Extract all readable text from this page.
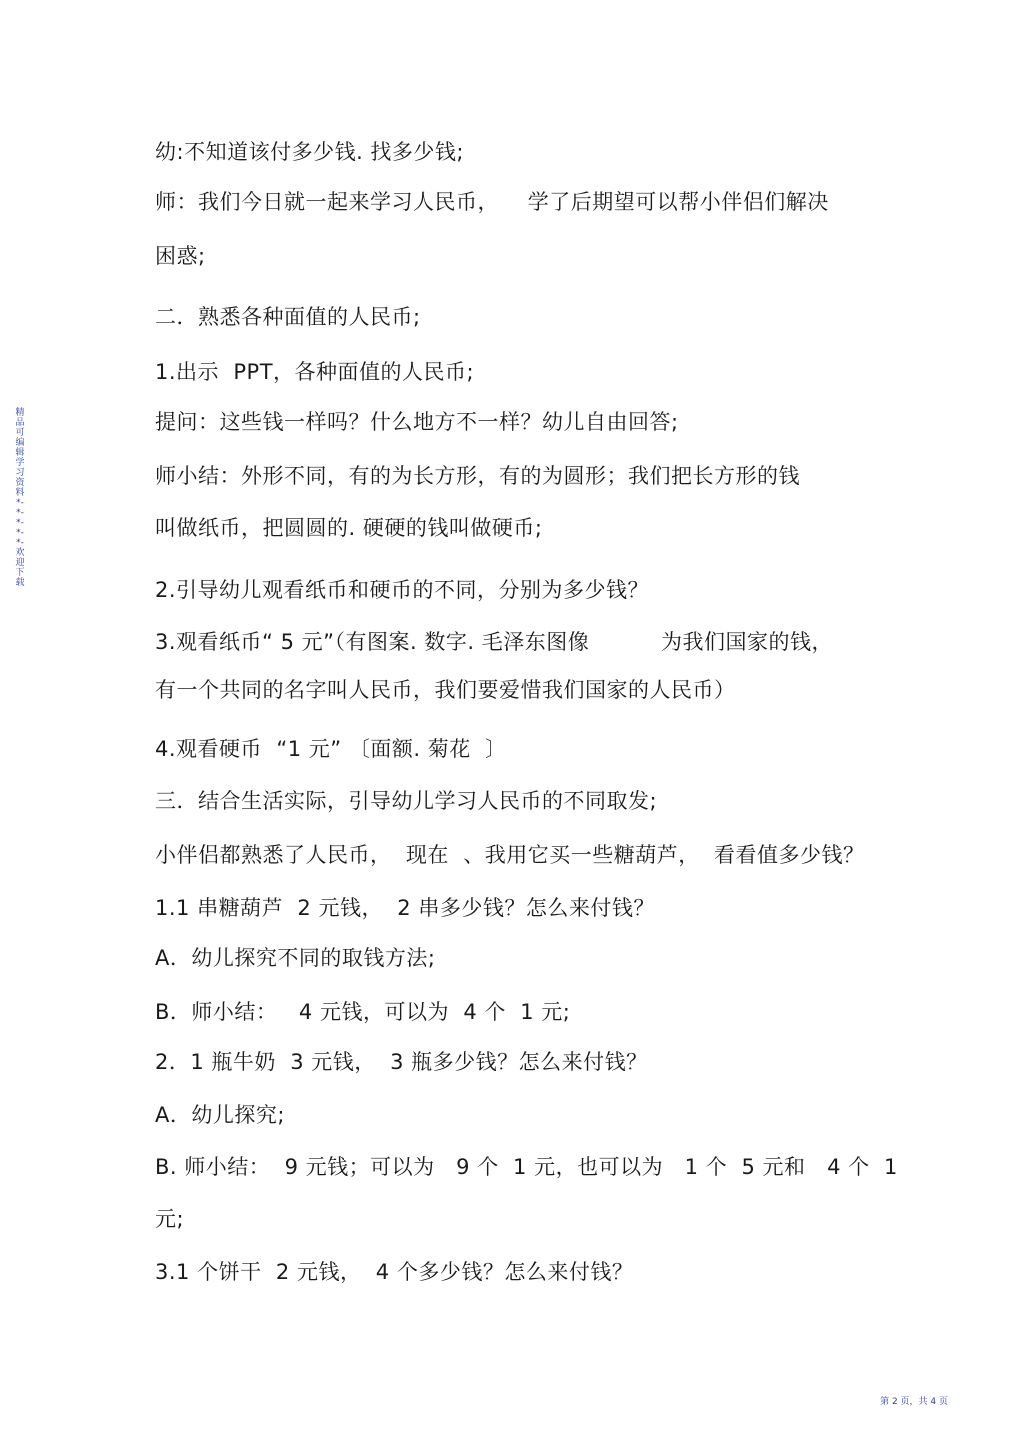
幼:不知道该付多少钱. 找多少钱;
师：我们今日就一起来学习人民币，    学了后期望可以帮小伴侣们解决
困惑;
二．熟悉各种面值的人民币;
1.出示  PPT，各种面值的人民币;
提问：这些钱一样吗？什么地方不一样？幼儿自由回答;
师小结：外形不同，有的为长方形，有的为圆形；我们把长方形的钱
叫做纸币，把圆圆的. 硬硬的钱叫做硬币;
2.引导幼儿观看纸币和硬币的不同，分别为多少钱？
3.观看纸币“ 5 元”（有图案. 数字. 毛泽东图像          为我们国家的钱，
有一个共同的名字叫人民币，我们要爱惜我们国家的人民币）
4.观看硬币  “1 元” 〔面额. 菊花  〕
三．结合生活实际，引导幼儿学习人民币的不同取发;
小伴侣都熟悉了人民币，  现在  、我用它买一些糖葫芦，  看看值多少钱？
1.1 串糖葫芦  2 元钱，  2 串多少钱？怎么来付钱？
A．幼儿探究不同的取钱方法;
B．师小结：   4 元钱，可以为  4 个  1 元;
2．1 瓶牛奶  3 元钱，  3 瓶多少钱？怎么来付钱？
A．幼儿探究;
B. 师小结：  9 元钱；可以为   9 个  1 元，也可以为   1 个  5 元和   4 个  1
元;
3.1 个饼干  2 元钱，  4 个多少钱？怎么来付钱？
精品可编辑学习资料*-*-*-*-*-欢迎下载
第 2 页，共 4 页
